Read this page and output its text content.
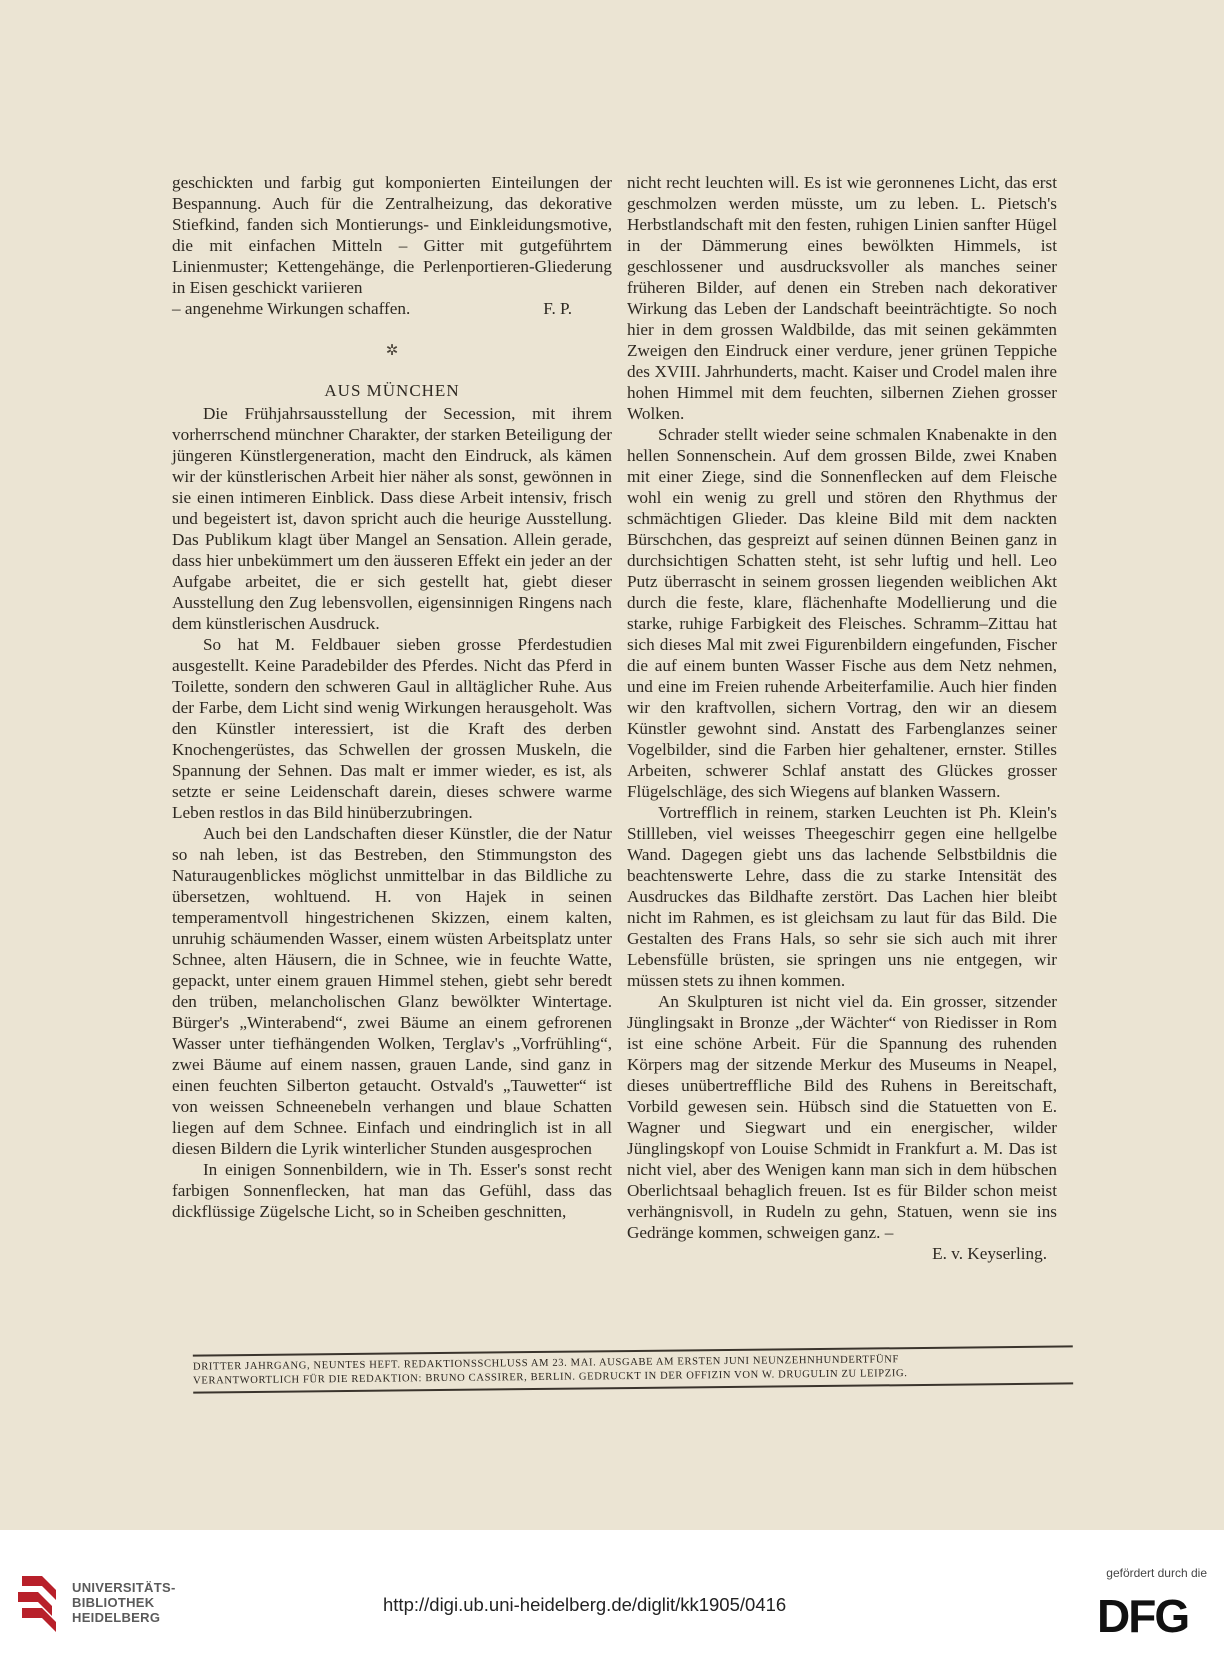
geschickten und farbig gut komponierten Einteilungen der Bespannung. Auch für die Zentralheizung, das dekorative Stiefkind, fanden sich Montierungs- und Einkleidungsmotive, die mit einfachen Mitteln – Gitter mit gutgeführtem Linienmuster; Kettengehänge, die Perlenportieren-Gliederung in Eisen geschickt variieren

– angenehme Wirkungen schaffen.	F. P.
✲
AUS MÜNCHEN

Die Frühjahrsausstellung der Secession, mit ihrem vorherrschend münchner Charakter, der starken Beteiligung der jüngeren Künstlergeneration, macht den Eindruck, als kämen wir der künstlerischen Arbeit hier näher als sonst, gewönnen in sie einen intimeren Einblick. Dass diese Arbeit intensiv, frisch und begeistert ist, davon spricht auch die heurige Ausstellung. Das Publikum klagt über Mangel an Sensation. Allein gerade, dass hier unbekümmert um den äusseren Effekt ein jeder an der Aufgabe arbeitet, die er sich gestellt hat, giebt dieser Ausstellung den Zug lebensvollen, eigensinnigen Ringens nach dem künstlerischen Ausdruck.

So hat M. Feldbauer sieben grosse Pferdestudien ausgestellt. Keine Paradebilder des Pferdes. Nicht das Pferd in Toilette, sondern den schweren Gaul in alltäglicher Ruhe. Aus der Farbe, dem Licht sind wenig Wirkungen herausgeholt. Was den Künstler interessiert, ist die Kraft des derben Knochengerüstes, das Schwellen der grossen Muskeln, die Spannung der Sehnen. Das malt er immer wieder, es ist, als setzte er seine Leidenschaft darein, dieses schwere warme Leben restlos in das Bild hinüberzubringen.

Auch bei den Landschaften dieser Künstler, die der Natur so nah leben, ist das Bestreben, den Stimmungston des Naturaugenblickes möglichst unmittelbar in das Bildliche zu übersetzen, wohltuend. H. von Hajek in seinen temperamentvoll hingestrichenen Skizzen, einem kalten, unruhig schäumenden Wasser, einem wüsten Arbeitsplatz unter Schnee, alten Häusern, die in Schnee, wie in feuchte Watte, gepackt, unter einem grauen Himmel stehen, giebt sehr beredt den trüben, melancholischen Glanz bewölkter Wintertage. Bürger's „Winterabend“, zwei Bäume an einem gefrorenen Wasser unter tiefhängenden Wolken, Terglav's „Vorfrühling“, zwei Bäume auf einem nassen, grauen Lande, sind ganz in einen feuchten Silberton getaucht. Ostvald's „Tauwetter“ ist von weissen Schneenebeln verhangen und blaue Schatten liegen auf dem Schnee. Einfach und eindringlich ist in all diesen Bildern die Lyrik winterlicher Stunden ausgesprochen

In einigen Sonnenbildern, wie in Th. Esser's sonst recht farbigen Sonnenflecken, hat man das Gefühl, dass das dickflüssige Zügelsche Licht, so in Scheiben geschnitten,

nicht recht leuchten will. Es ist wie geronnenes Licht, das erst geschmolzen werden müsste, um zu leben. L. Pietsch's Herbstlandschaft mit den festen, ruhigen Linien sanfter Hügel in der Dämmerung eines bewölkten Himmels, ist geschlossener und ausdrucksvoller als manches seiner früheren Bilder, auf denen ein Streben nach dekorativer Wirkung das Leben der Landschaft beeinträchtigte. So noch hier in dem grossen Waldbilde, das mit seinen gekämmten Zweigen den Eindruck einer verdure, jener grünen Teppiche des XVIII. Jahrhunderts, macht. Kaiser und Crodel malen ihre hohen Himmel mit dem feuchten, silbernen Ziehen grosser Wolken.

Schrader stellt wieder seine schmalen Knabenakte in den hellen Sonnenschein. Auf dem grossen Bilde, zwei Knaben mit einer Ziege, sind die Sonnenflecken auf dem Fleische wohl ein wenig zu grell und stören den Rhythmus der schmächtigen Glieder. Das kleine Bild mit dem nackten Bürschchen, das gespreizt auf seinen dünnen Beinen ganz in durchsichtigen Schatten steht, ist sehr luftig und hell. Leo Putz überrascht in seinem grossen liegenden weiblichen Akt durch die feste, klare, flächenhafte Modellierung und die starke, ruhige Farbigkeit des Fleisches. Schramm–Zittau hat sich dieses Mal mit zwei Figurenbildern eingefunden, Fischer die auf einem bunten Wasser Fische aus dem Netz nehmen, und eine im Freien ruhende Arbeiterfamilie. Auch hier finden wir den kraftvollen, sichern Vortrag, den wir an diesem Künstler gewohnt sind. Anstatt des Farbenglanzes seiner Vogelbilder, sind die Farben hier gehaltener, ernster. Stilles Arbeiten, schwerer Schlaf anstatt des Glückes grosser Flügelschläge, des sich Wiegens auf blanken Wassern.

Vortrefflich in reinem, starken Leuchten ist Ph. Klein's Stillleben, viel weisses Theegeschirr gegen eine hellgelbe Wand. Dagegen giebt uns das lachende Selbstbildnis die beachtenswerte Lehre, dass die zu starke Intensität des Ausdruckes das Bildhafte zerstört. Das Lachen hier bleibt nicht im Rahmen, es ist gleichsam zu laut für das Bild. Die Gestalten des Frans Hals, so sehr sie sich auch mit ihrer Lebensfülle brüsten, sie springen uns nie entgegen, wir müssen stets zu ihnen kommen.

An Skulpturen ist nicht viel da. Ein grosser, sitzender Jünglingsakt in Bronze „der Wächter“ von Riedisser in Rom ist eine schöne Arbeit. Für die Spannung des ruhenden Körpers mag der sitzende Merkur des Museums in Neapel, dieses unübertreffliche Bild des Ruhens in Bereitschaft, Vorbild gewesen sein. Hübsch sind die Statuetten von E. Wagner und Siegwart und ein energischer, wilder Jünglingskopf von Louise Schmidt in Frankfurt a. M. Das ist nicht viel, aber des Wenigen kann man sich in dem hübschen Oberlichtsaal behaglich freuen. Ist es für Bilder schon meist verhängnisvoll, in Rudeln zu gehn, Statuen, wenn sie ins Gedränge kommen, schweigen ganz. –

E. v. Keyserling.
DRITTER JAHRGANG, NEUNTES HEFT. REDAKTIONSSCHLUSS AM 23. MAI. AUSGABE AM ERSTEN JUNI NEUNZEHNHUNDERTFÜNF
VERANTWORTLICH FÜR DIE REDAKTION: BRUNO CASSIRER, BERLIN. GEDRUCKT IN DER OFFIZIN VON W. DRUGULIN ZU LEIPZIG.
UNIVERSITÄTS-
BIBLIOTHEK
HEIDELBERG
http://digi.ub.uni-heidelberg.de/diglit/kk1905/0416
gefördert durch die
DFG
